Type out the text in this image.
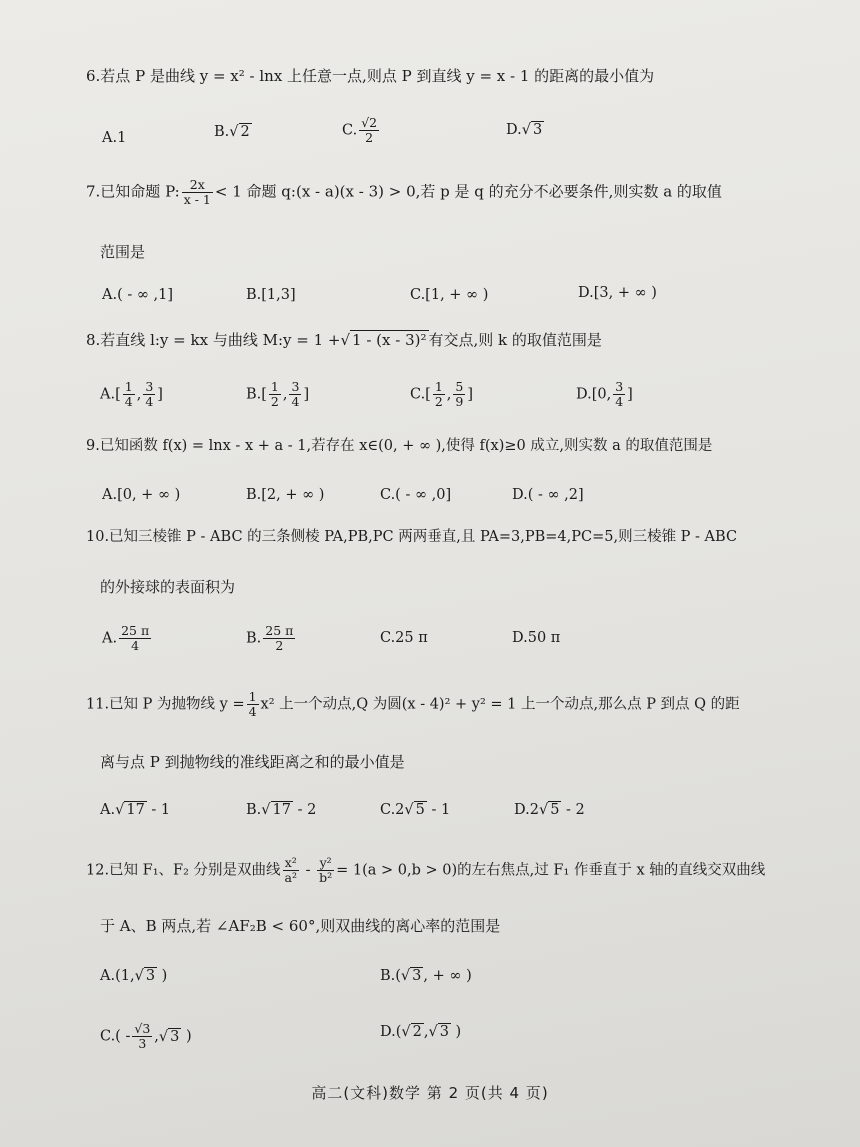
6.若点 P 是曲线 y = x² - lnx 上任意一点,则点 P 到直线 y = x - 1 的距离的最小值为
A.1	B.√ 2	C. $\frac{√2}{2}$	D.√ 3
7.已知命题 P: $\frac{2x}{x - 1} < 1$ 命题 q:(x - a)(x - 3) > 0,若 p 是 q 的充分不必要条件,则实数 a 的取值
范围是
A.( - ∞ ,1]	B.[1,3]	C.[1, + ∞ )	D.[3, + ∞ )
8.若直线 l:y = kx 与曲线 M:y = 1 +√ 1 - (x - 3)² 有交点,则 k 的取值范围是
$A.[ \frac{1}{4}$ , $\frac{3}{4}$ ]	$B.[ \frac{1}{2}$ , $\frac{3}{4}$ ]	$C.[ \frac{1}{2}$ , $\frac{5}{9}$ ]	D.[0, $\frac{3}{4}$ ]
9.已知函数 f(x) = lnx - x + a - 1,若存在 x∈(0, + ∞ ),使得 f(x)≥0 成立,则实数 a 的取值范围是
A.[0, + ∞ )	B.[2, + ∞ )	C.( - ∞ ,0]	D.( - ∞ ,2]
10.已知三棱锥 P - ABC 的三条侧棱 PA,PB,PC 两两垂直,且 PA=3,PB=4,PC=5,则三棱锥 P - ABC
的外接球的表面积为
A. $\frac{25 \pi}{4}$	B. $\frac{25 \pi}{2}$	C.25 π	D.50 π
11.已知 P 为抛物线 $y = \frac{1}{4} x^2$ 上一个动点,Q 为圆(x - 4)² + y² = 1 上一个动点,那么点 P 到点 Q 的距
离与点 P 到抛物线的准线距离之和的最小值是
A.√ 17 - 1	B.√ 17 - 2	C.2√ 5 - 1	D.2√ 5 - 2
12.已知 F₁、F₂ 分别是双曲线 $\frac{\text{x²}}{\text{a²}} - \frac{\text{y²}}{\text{b²}} = 1(a > 0,b > 0)$的左右焦点,过 F₁ 作垂直于 x 轴的直线交双曲线
于 A、B 两点,若 ∠AF₂B < 60°,则双曲线的离心率的范围是
A.(1,√ 3 )	B.(√ 3 , + ∞ )
$C.( - \frac{√3}{3}$ ,√ 3 )	D.(√ 2 ,√ 3 )
高二(文科)数学 第 2 页(共 4 页)
